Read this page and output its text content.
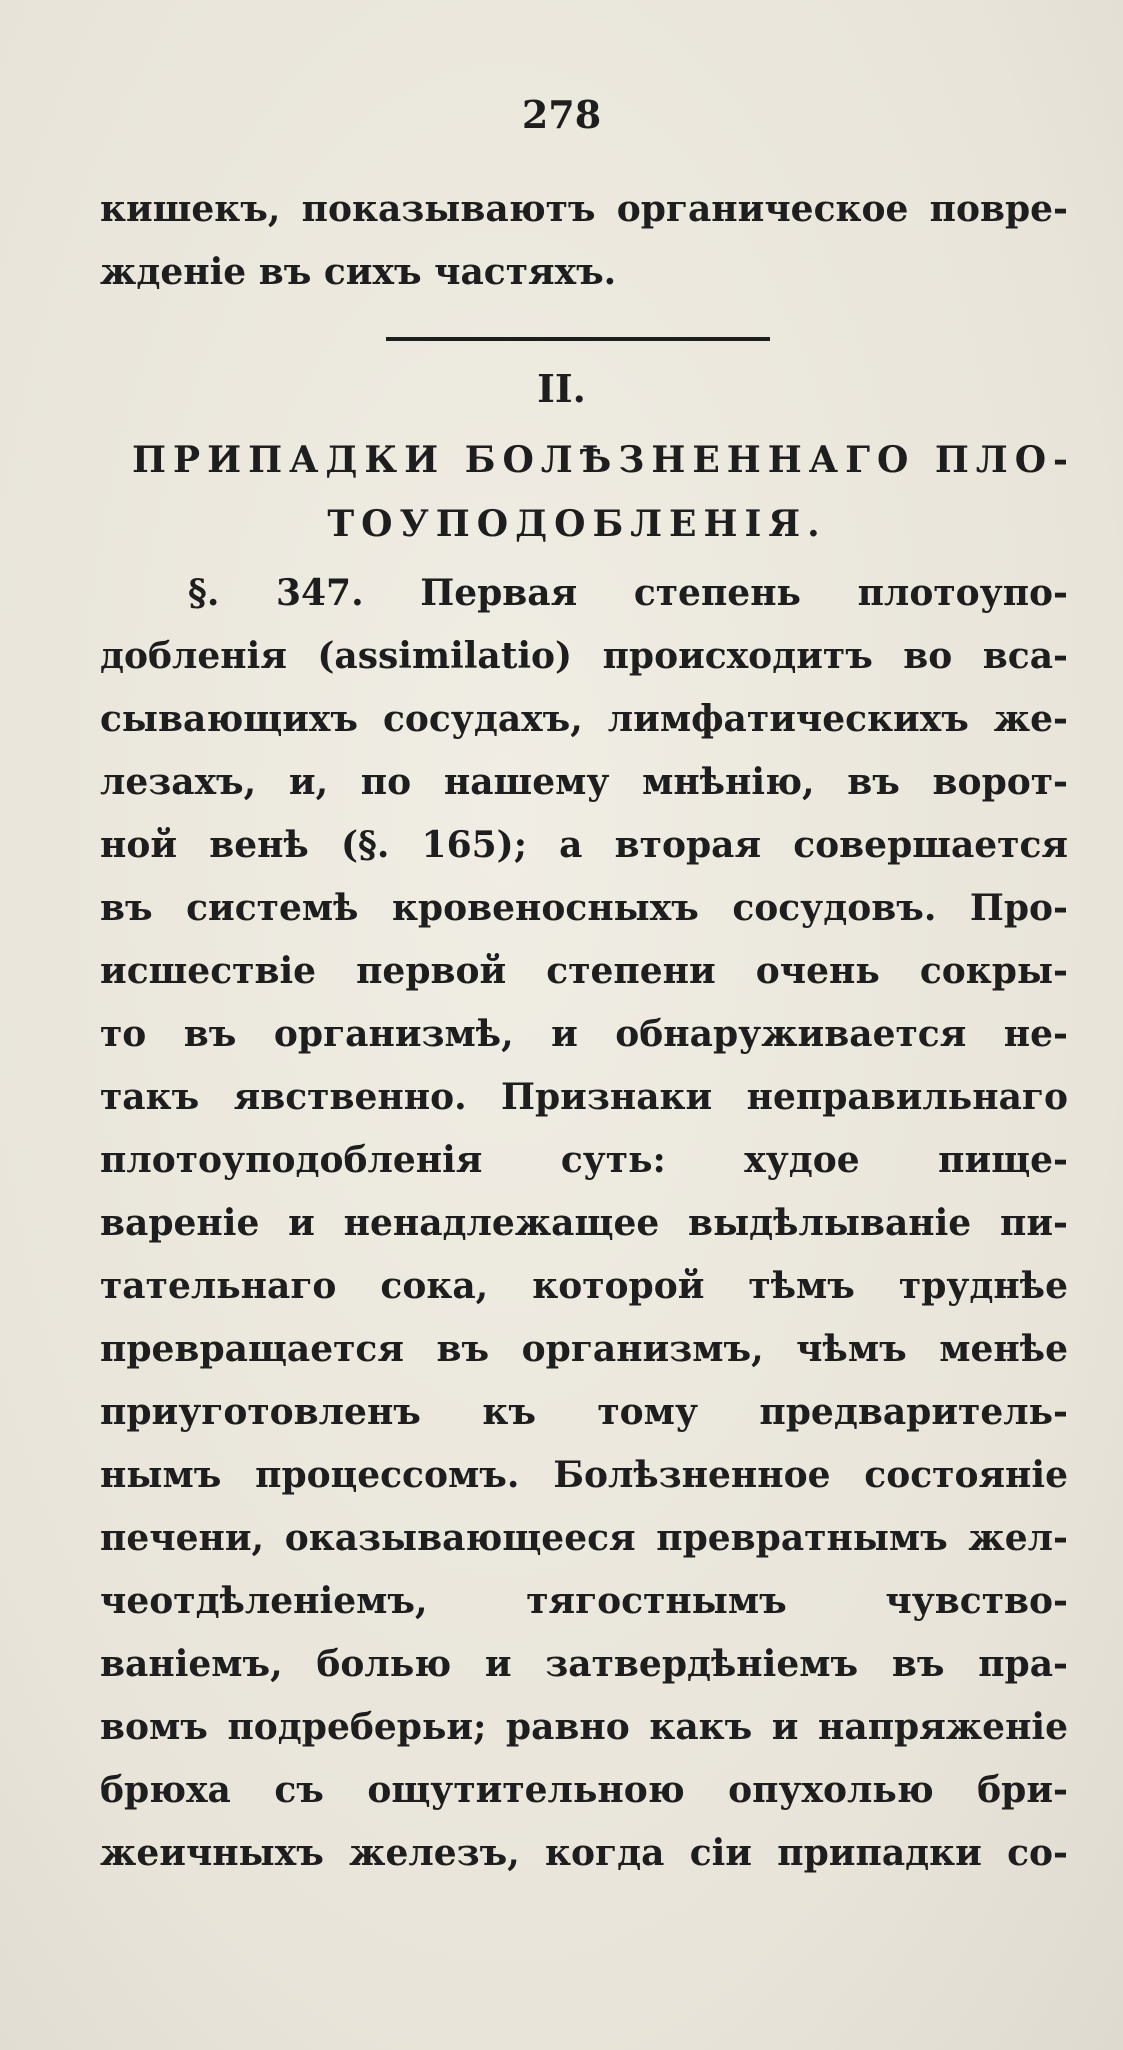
278
кишекъ, показываютъ органическое повре-
жденіе въ сихъ частяхъ.
II.
ПРИПАДКИ БОЛѢЗНЕННАГО ПЛО-
ТОУПОДОБЛЕНІЯ.
§. 347. Первая степень плотоупо-
добленія (assimilatio) происходитъ во вса-
сывающихъ сосудахъ, лимфатическихъ же-
лезахъ, и, по нашему мнѣнію, въ ворот-
ной венѣ (§. 165); а вторая совершается
въ системѣ кровеносныхъ сосудовъ. Про-
исшествіе первой степени очень сокры-
то въ организмѣ, и обнаруживается не-
такъ явственно. Признаки неправильнаго
плотоуподобленія суть: худое пище-
вареніе и ненадлежащее выдѣлываніе пи-
тательнаго сока, которой тѣмъ труднѣе
превращается въ организмъ, чѣмъ менѣе
приуготовленъ къ тому предваритель-
нымъ процессомъ. Болѣзненное состояніе
печени, оказывающееся превратнымъ жел-
чеотдѣленіемъ, тягостнымъ чувство-
ваніемъ, болью и затвердѣніемъ въ пра-
вомъ подреберьи; равно какъ и напряженіе
брюха съ ощутительною опухолью бри-
жеичныхъ железъ, когда сіи припадки со-
